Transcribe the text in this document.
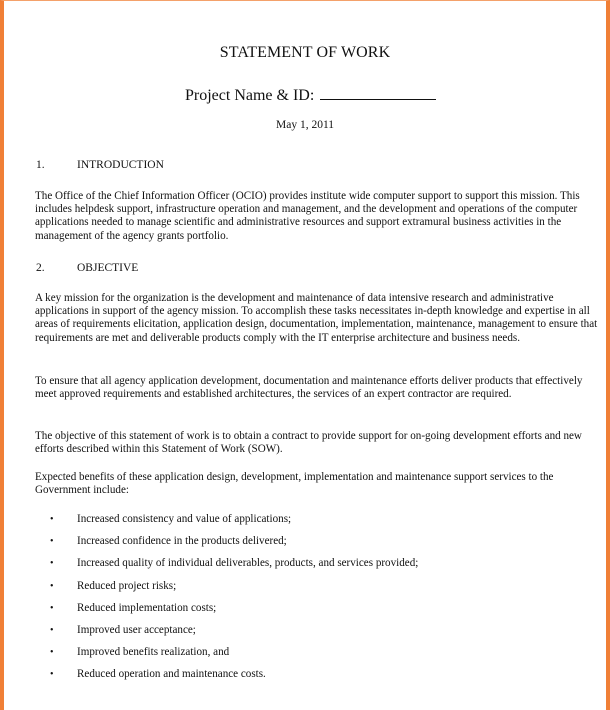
STATEMENT OF WORK
Project Name & ID:
May 1, 2011
1.	INTRODUCTION

The Office of the Chief Information Officer (OCIO) provides institute wide computer support to support this mission. This includes helpdesk support, infrastructure operation and management, and the development and operations of the computer applications needed to manage scientific and administrative resources and support extramural business activities in the management of the agency grants portfolio.

2.	OBJECTIVE

A key mission for the organization is the development and maintenance of data intensive research and administrative applications in support of the agency mission. To accomplish these tasks necessitates in-depth knowledge and expertise in all areas of requirements elicitation, application design, documentation, implementation, maintenance, management to ensure that requirements are met and deliverable products comply with the IT enterprise architecture and business needs.

To ensure that all agency application development, documentation and maintenance efforts deliver products that effectively meet approved requirements and established architectures, the services of an expert contractor are required.

The objective of this statement of work is to obtain a contract to provide support for on-going development efforts and new efforts described within this Statement of Work (SOW).

Expected benefits of these application design, development, implementation and maintenance support services to the Government include:

• Increased consistency and value of applications;
• Increased confidence in the products delivered;
• Increased quality of individual deliverables, products, and services provided;
• Reduced project risks;
• Reduced implementation costs;
• Improved user acceptance;
• Improved benefits realization, and
• Reduced operation and maintenance costs.
